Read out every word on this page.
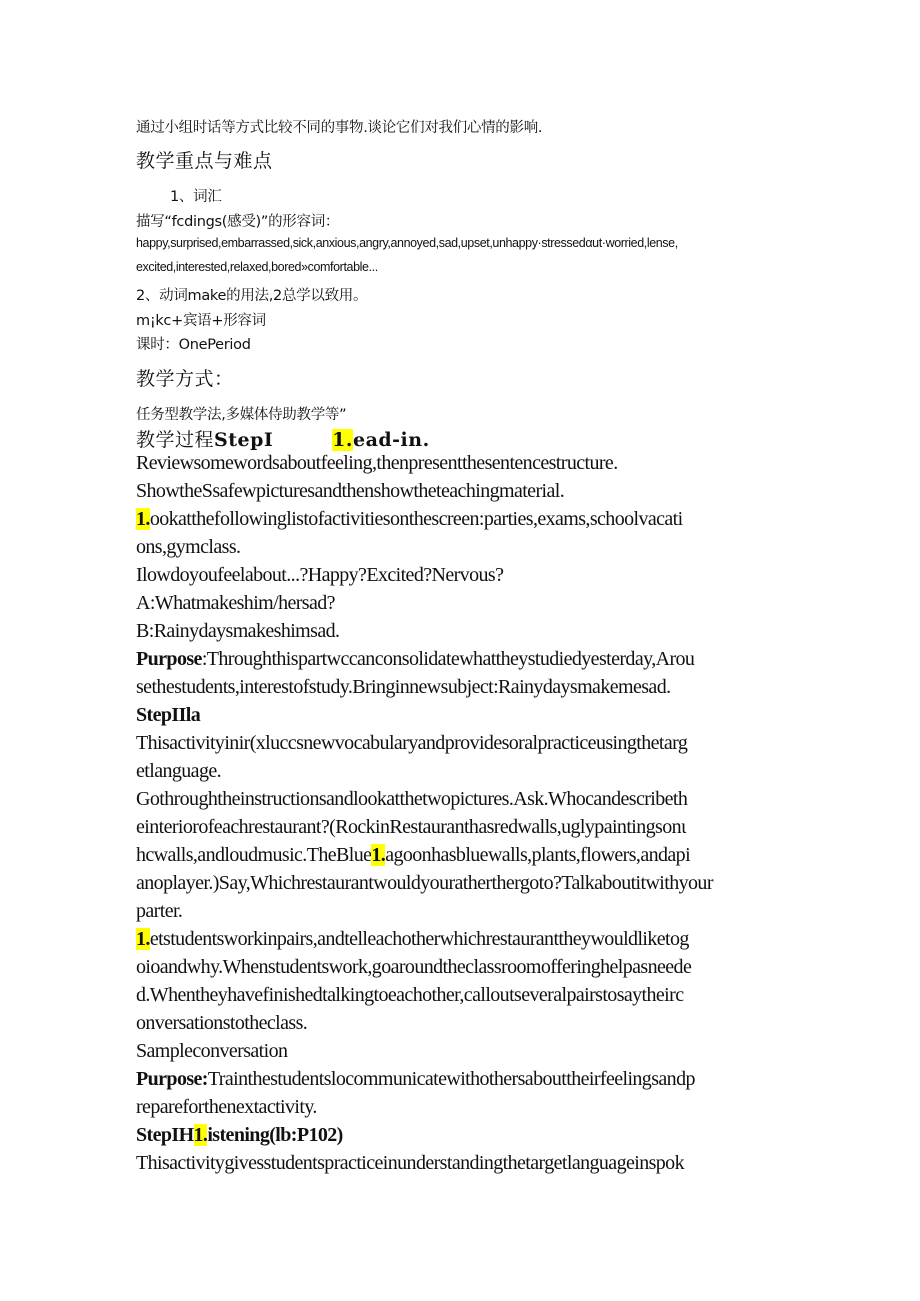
通过小组时话等方式比较不同的事物.谈论它们对我们心情的影响.
教学重点与难点
1、词汇
描写“fcdings(感受)”的形容词：
happy,surprised,embarrassed,sick,anxious,angry,annoyed,sad,upset,unhappy·stressedαut·worried,lense,
excited,interested,relaxed,bored»comfortable...
2、动词make的用法,2总学以致用。
m¡kc+宾语+形容词
课时：OnePeriod
教学方式：
任务型教学法,多媒体侍助教学等”
教学过程StepI	1.ead-in.
Reviewsomewordsaboutfeeling,thenpresentthesentencestructure.
ShowtheSsafewpicturesandthenshowtheteachingmaterial.
1.ookatthefollowinglistofactivitiesonthescreen:parties,exams,schoolvacati
ons,gymclass.
Ilowdoyoufeelabout...?Happy?Excited?Nervous?
A:Whatmakeshim/hersad?
B:Rainydaysmakeshimsad.
Purpose:Throughthispartwccanconsolidatewhattheystudiedyesterday,Arou
sethestudents,interestofstudy.Bringinnewsubject:Rainydaysmakemesad.
StepIIla
Thisactivityinir(xluccsnewvocabularyandprovidesoralpracticeusingthetarg
etlanguage.
Gothroughtheinstructionsandlookatthetwopictures.Ask.Whocandescribeth
einteriorofeachrestaurant?(RockinRestauranthasredwalls,uglypaintingsonι
hcwalls,andloudmusic.TheBlue1.agoonhasbluewalls,plants,flowers,andapi
anoplayer.)Say,Whichrestaurantwouldyouratherthergoto?Talkaboutitwithyour
parter.
1.etstudentsworkinpairs,andtelleachotherwhichrestauranttheywouldliketog
oioandwhy.Whenstudentswork,goaroundtheclassroomofferinghelpasneede
d.Whentheyhavefinishedtalkingtoeachother,calloutseveralpairstosaytheirc
onversationstotheclass.
Sampleconversation
Purpose:Trainthestudentslocommunicatewithothersabouttheirfeelingsandp
repareforthenextactivity.
StepIH1.istening(lb:P102)
Thisactivitygivesstudentspracticeinunderstandingthetargetlanguageinspok
